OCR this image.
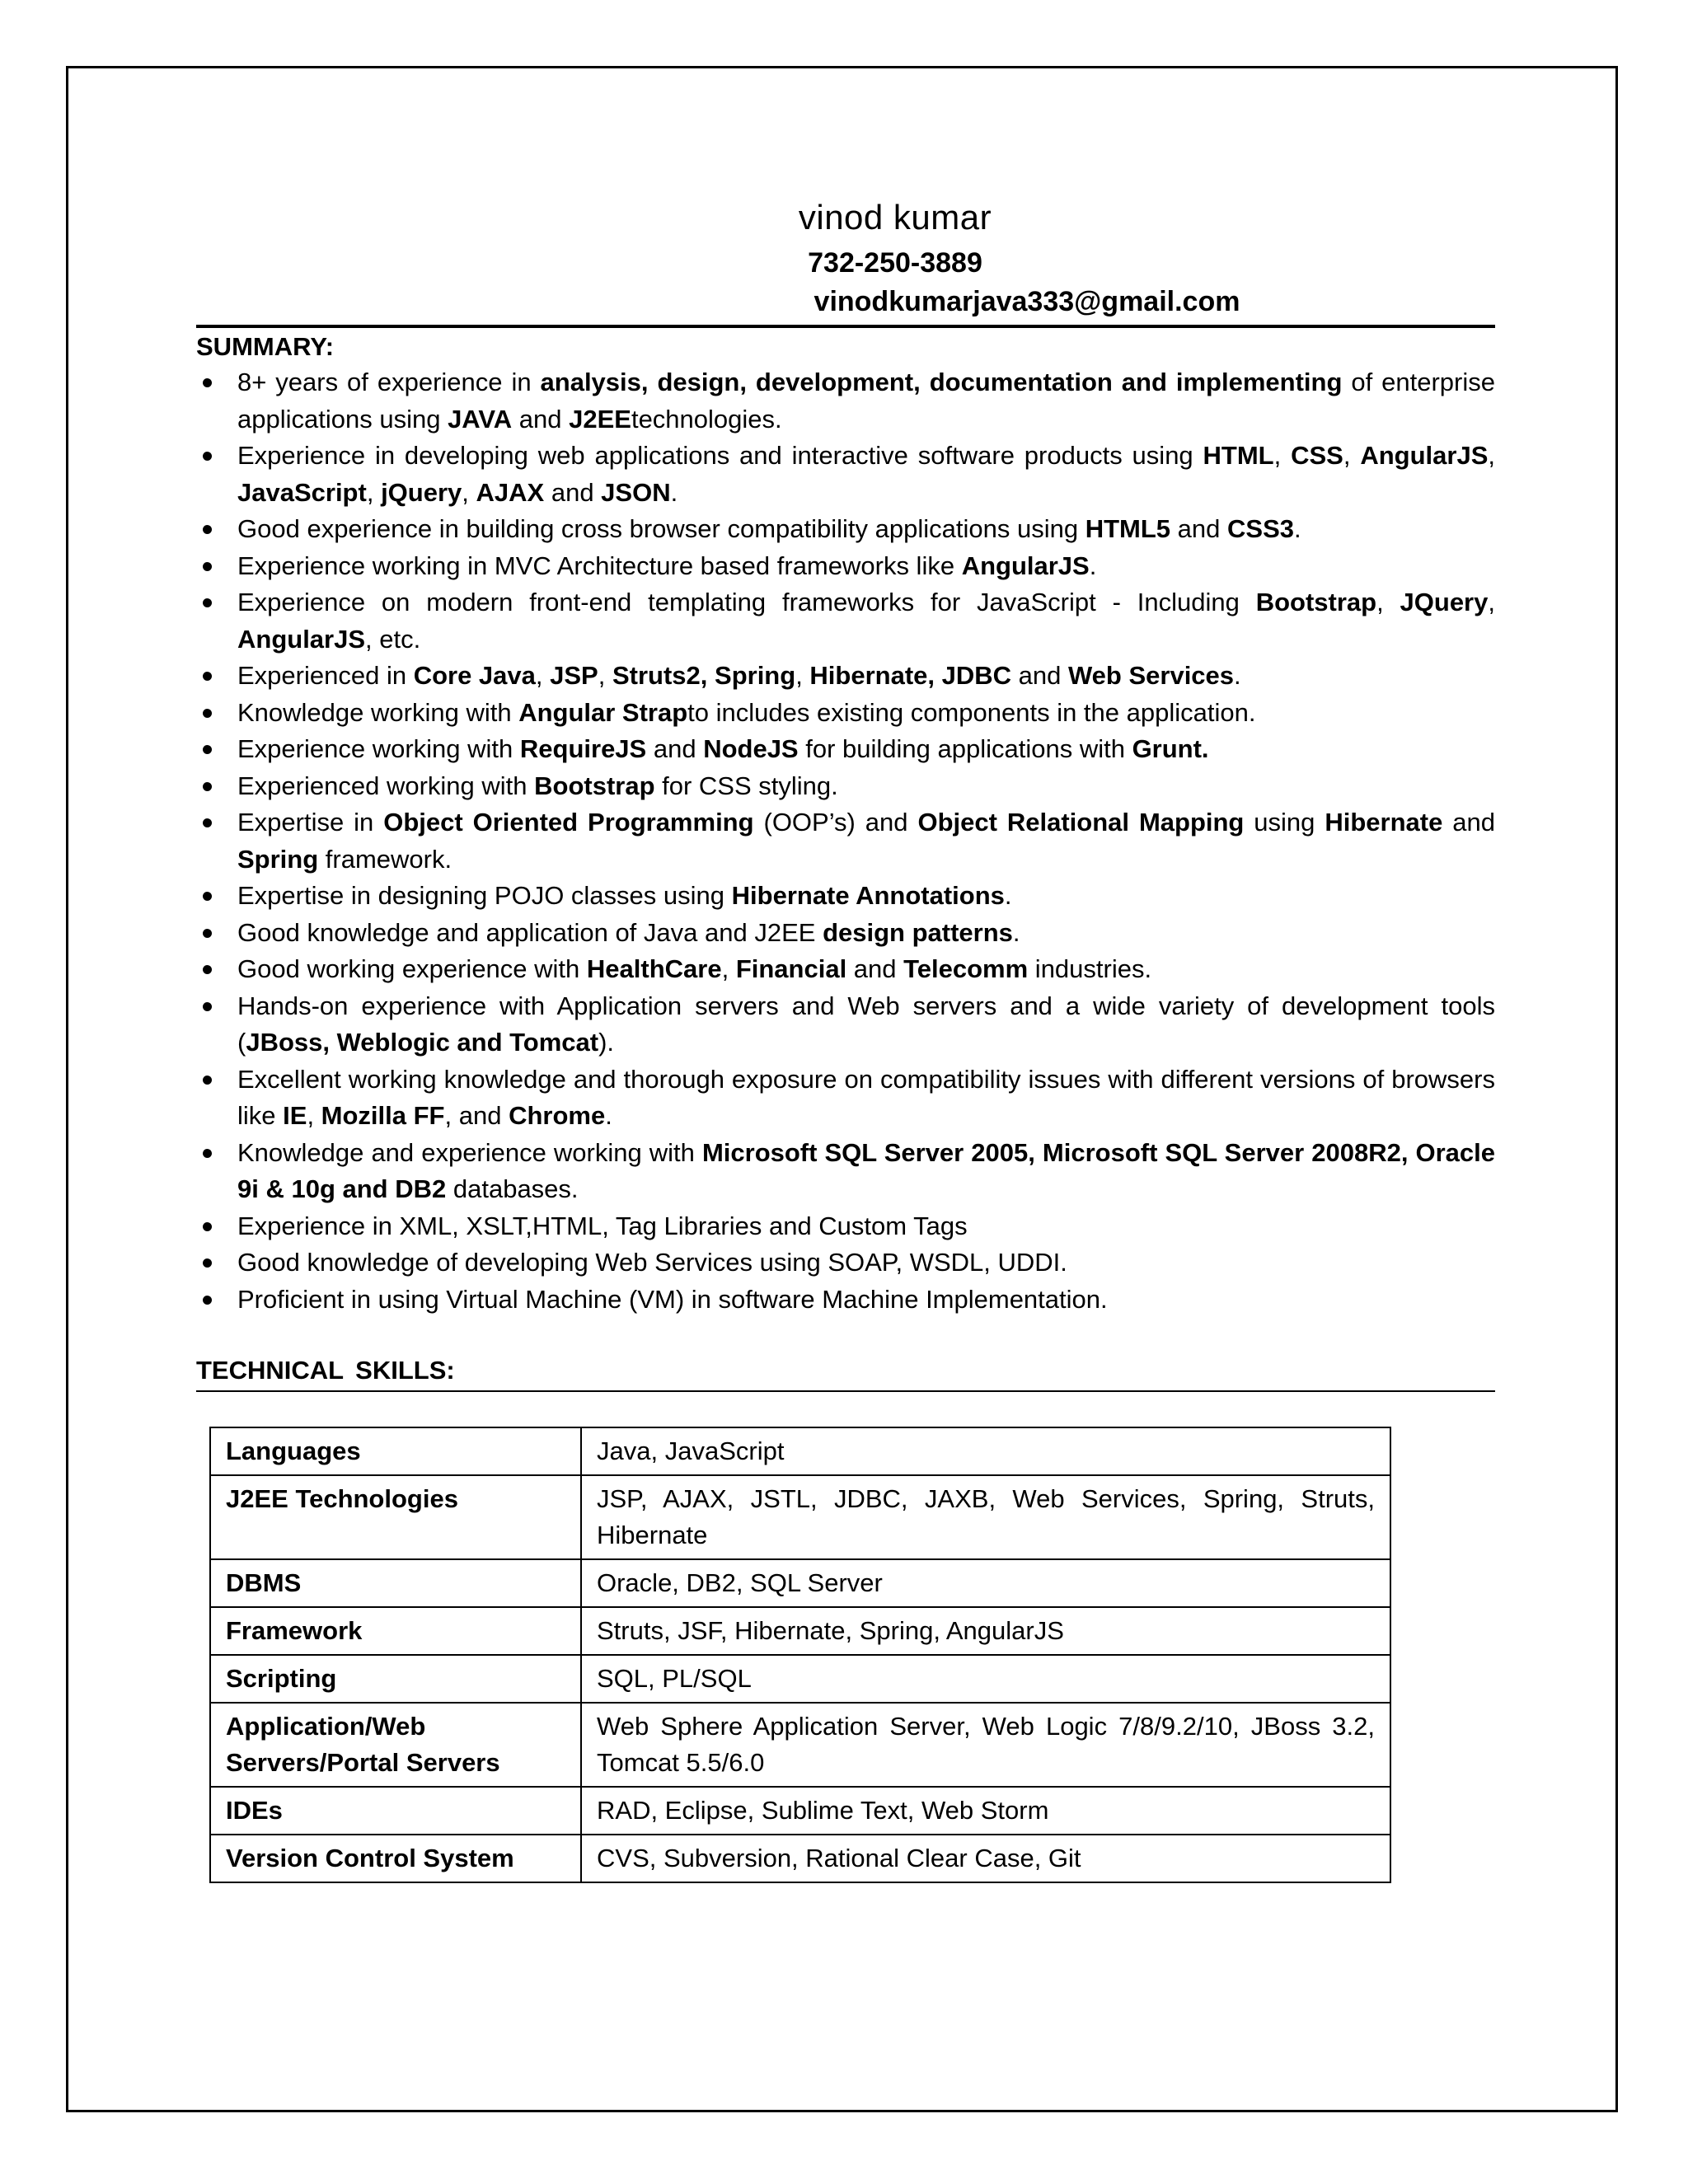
vinod kumar
732-250-3889
vinodkumarjava333@gmail.com
SUMMARY:
8+ years of experience in analysis, design, development, documentation and implementing of enterprise applications using JAVA and J2EEtechnologies.
Experience in developing web applications and interactive software products using HTML, CSS, AngularJS, JavaScript, jQuery, AJAX and JSON.
Good experience in building cross browser compatibility applications using HTML5 and CSS3.
Experience working in MVC Architecture based frameworks like AngularJS.
Experience on modern front-end templating frameworks for JavaScript - Including Bootstrap, JQuery, AngularJS, etc.
Experienced in Core Java, JSP, Struts2, Spring, Hibernate, JDBC and Web Services.
Knowledge working with Angular Strapto includes existing components in the application.
Experience working with RequireJS and NodeJS for building applications with Grunt.
Experienced working with Bootstrap for CSS styling.
Expertise in Object Oriented Programming (OOP’s) and Object Relational Mapping using Hibernate and Spring framework.
Expertise in designing POJO classes using Hibernate Annotations.
Good knowledge and application of Java and J2EE design patterns.
Good working experience with HealthCare, Financial and Telecomm industries.
Hands-on experience with Application servers and Web servers and a wide variety of development tools (JBoss, Weblogic and Tomcat).
Excellent working knowledge and thorough exposure on compatibility issues with different versions of browsers like IE, Mozilla FF, and Chrome.
Knowledge and experience working with Microsoft SQL Server 2005, Microsoft SQL Server 2008R2, Oracle 9i & 10g and DB2 databases.
Experience in XML, XSLT,HTML, Tag Libraries and Custom Tags
Good knowledge of developing Web Services using SOAP, WSDL, UDDI.
Proficient in using Virtual Machine (VM) in software Machine Implementation.
TECHNICAL SKILLS:
Languages	Java, JavaScript
J2EE Technologies	JSP, AJAX, JSTL, JDBC, JAXB, Web Services, Spring, Struts, Hibernate
DBMS	Oracle, DB2, SQL Server
Framework	Struts, JSF, Hibernate, Spring, AngularJS
Scripting	SQL, PL/SQL
Application/Web Servers/Portal Servers	Web Sphere Application Server, Web Logic 7/8/9.2/10, JBoss 3.2, Tomcat 5.5/6.0
IDEs	RAD, Eclipse, Sublime Text, Web Storm
Version Control System	CVS, Subversion, Rational Clear Case, Git
